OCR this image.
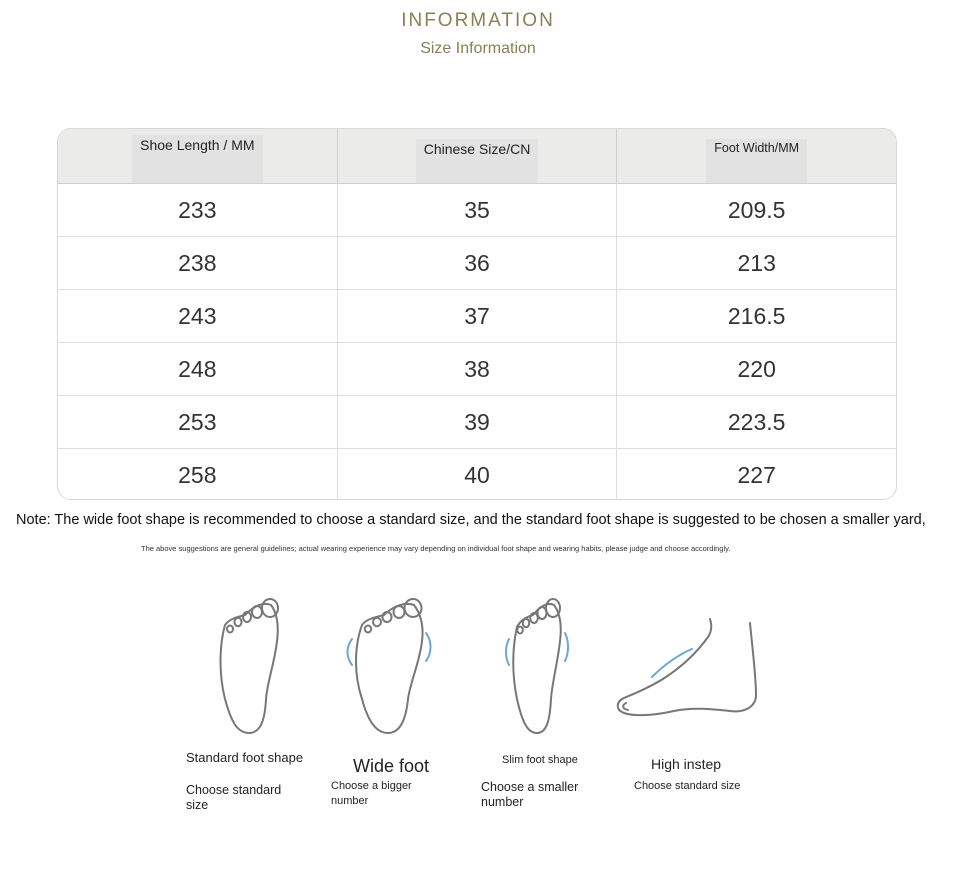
INFORMATION
Size Information
Shoe Length / MM	Chinese Size/CN	Foot Width/MM
233	35	209.5
238	36	213
243	37	216.5
248	38	220
253	39	223.5
258	40	227
Note: The wide foot shape is recommended to choose a standard size, and the standard foot shape is suggested to be chosen a smaller yard,
The above suggestions are general guidelines; actual wearing experience may vary depending on individual foot shape and wearing habits, please judge and choose accordingly.
Standard foot shape	Wide foot	Slim foot shape	High instep
Choose standard size
Choose a bigger number
Choose a smaller number
Choose standard size
